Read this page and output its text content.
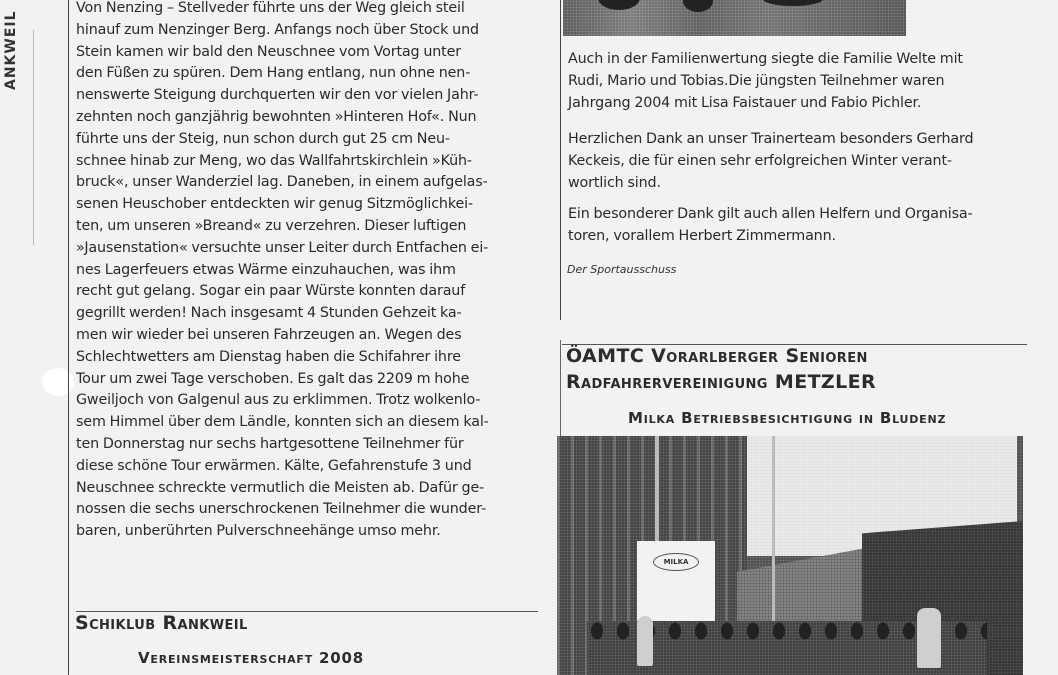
ANKWEIL
Von Nenzing – Stellveder führte uns der Weg gleich steil
hinauf zum Nenzinger Berg. Anfangs noch über Stock und
Stein kamen wir bald den Neuschnee vom Vortag unter
den Füßen zu spüren. Dem Hang entlang, nun ohne nen-
nenswerte Steigung durchquerten wir den vor vielen Jahr-
zehnten noch ganzjährig bewohnten »Hinteren Hof«. Nun
führte uns der Steig, nun schon durch gut 25 cm Neu-
schnee hinab zur Meng, wo das Wallfahrtskirchlein »Küh-
bruck«, unser Wanderziel lag. Daneben, in einem aufgelas-
senen Heuschober entdeckten wir genug Sitzmöglichkei-
ten, um unseren »Breand« zu verzehren. Dieser luftigen
»Jausenstation« versuchte unser Leiter durch Entfachen ei-
nes Lagerfeuers etwas Wärme einzuhauchen, was ihm
recht gut gelang. Sogar ein paar Würste konnten darauf
gegrillt werden! Nach insgesamt 4 Stunden Gehzeit ka-
men wir wieder bei unseren Fahrzeugen an. Wegen des
Schlechtwetters am Dienstag haben die Schifahrer ihre
Tour um zwei Tage verschoben. Es galt das 2209 m hohe
Gweiljoch von Galgenul aus zu erklimmen. Trotz wolkenlo-
sem Himmel über dem Ländle, konnten sich an diesem kal-
ten Donnerstag nur sechs hartgesottene Teilnehmer für
diese schöne Tour erwärmen. Kälte, Gefahrenstufe 3 und
Neuschnee schreckte vermutlich die Meisten ab. Dafür ge-
nossen die sechs unerschrockenen Teilnehmer die wunder-
baren, unberührten Pulverschneehänge umso mehr.
Schiklub Rankweil
Vereinsmeisterschaft 2008
Auch in der Familienwertung siegte die Familie Welte mit
Rudi, Mario und Tobias.Die jüngsten Teilnehmer waren
Jahrgang 2004 mit Lisa Faistauer und Fabio Pichler.
Herzlichen Dank an unser Trainerteam besonders Gerhard
Keckeis, die für einen sehr erfolgreichen Winter verant-
wortlich sind.
Ein besonderer Dank gilt auch allen Helfern und Organisa-
toren, vorallem Herbert Zimmermann.
Der Sportausschuss
ÖAMTC Vorarlberger Senioren
Radfahrervereinigung METZLER
Milka Betriebsbesichtigung in Bludenz
MILKA
